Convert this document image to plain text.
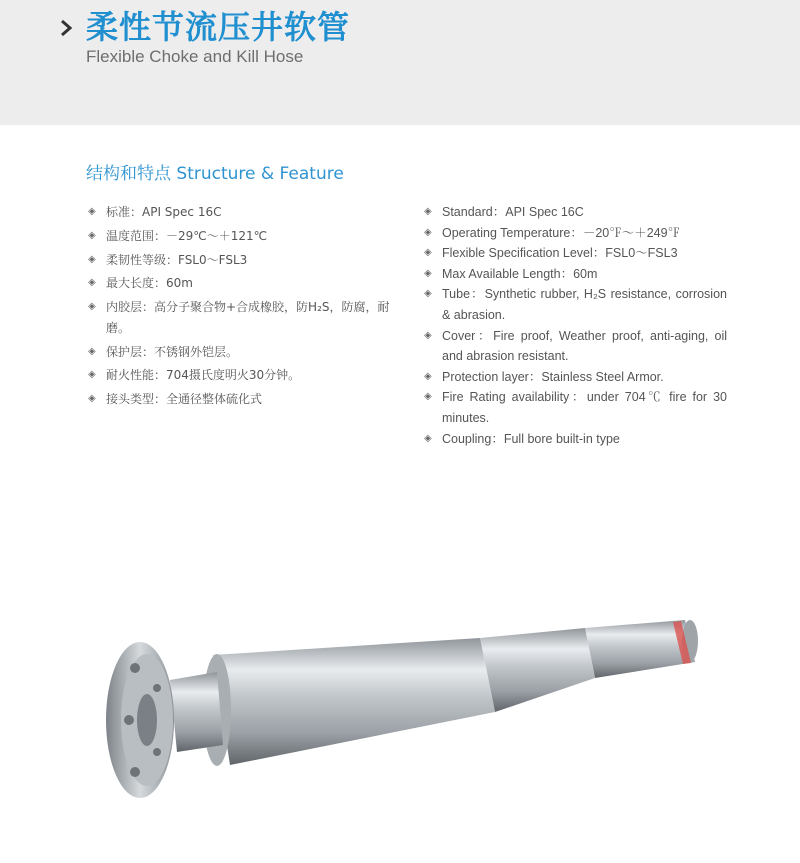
柔性节流压井软管
Flexible Choke and Kill Hose
结构和特点 Structure & Feature

◈ 标准：API Spec 16C

◈ 温度范围：－29℃～＋121℃

◈ 柔韧性等级：FSL0～FSL3

◈ 最大长度：60m

◈ 内胶层：高分子聚合物+合成橡胶，防H₂S，防腐，耐磨。

◈ 保护层：不锈钢外铠层。

◈ 耐火性能：704摄氏度明火30分钟。

◈ 接头类型：全通径整体硫化式

◈ Standard：API Spec 16C

◈ Operating Temperature：－20℉～＋249℉

◈ Flexible Specification Level：FSL0～FSL3

◈ Max Available Length：60m

◈ Tube：Synthetic rubber, H₂S resistance, corrosion & abrasion.

◈ Cover：Fire proof, Weather proof, anti-aging, oil and abrasion resistant.

◈ Protection layer：Stainless Steel Armor.

◈ Fire Rating availability：under 704℃ fire for 30 minutes.

◈ Coupling：Full bore built-in type
